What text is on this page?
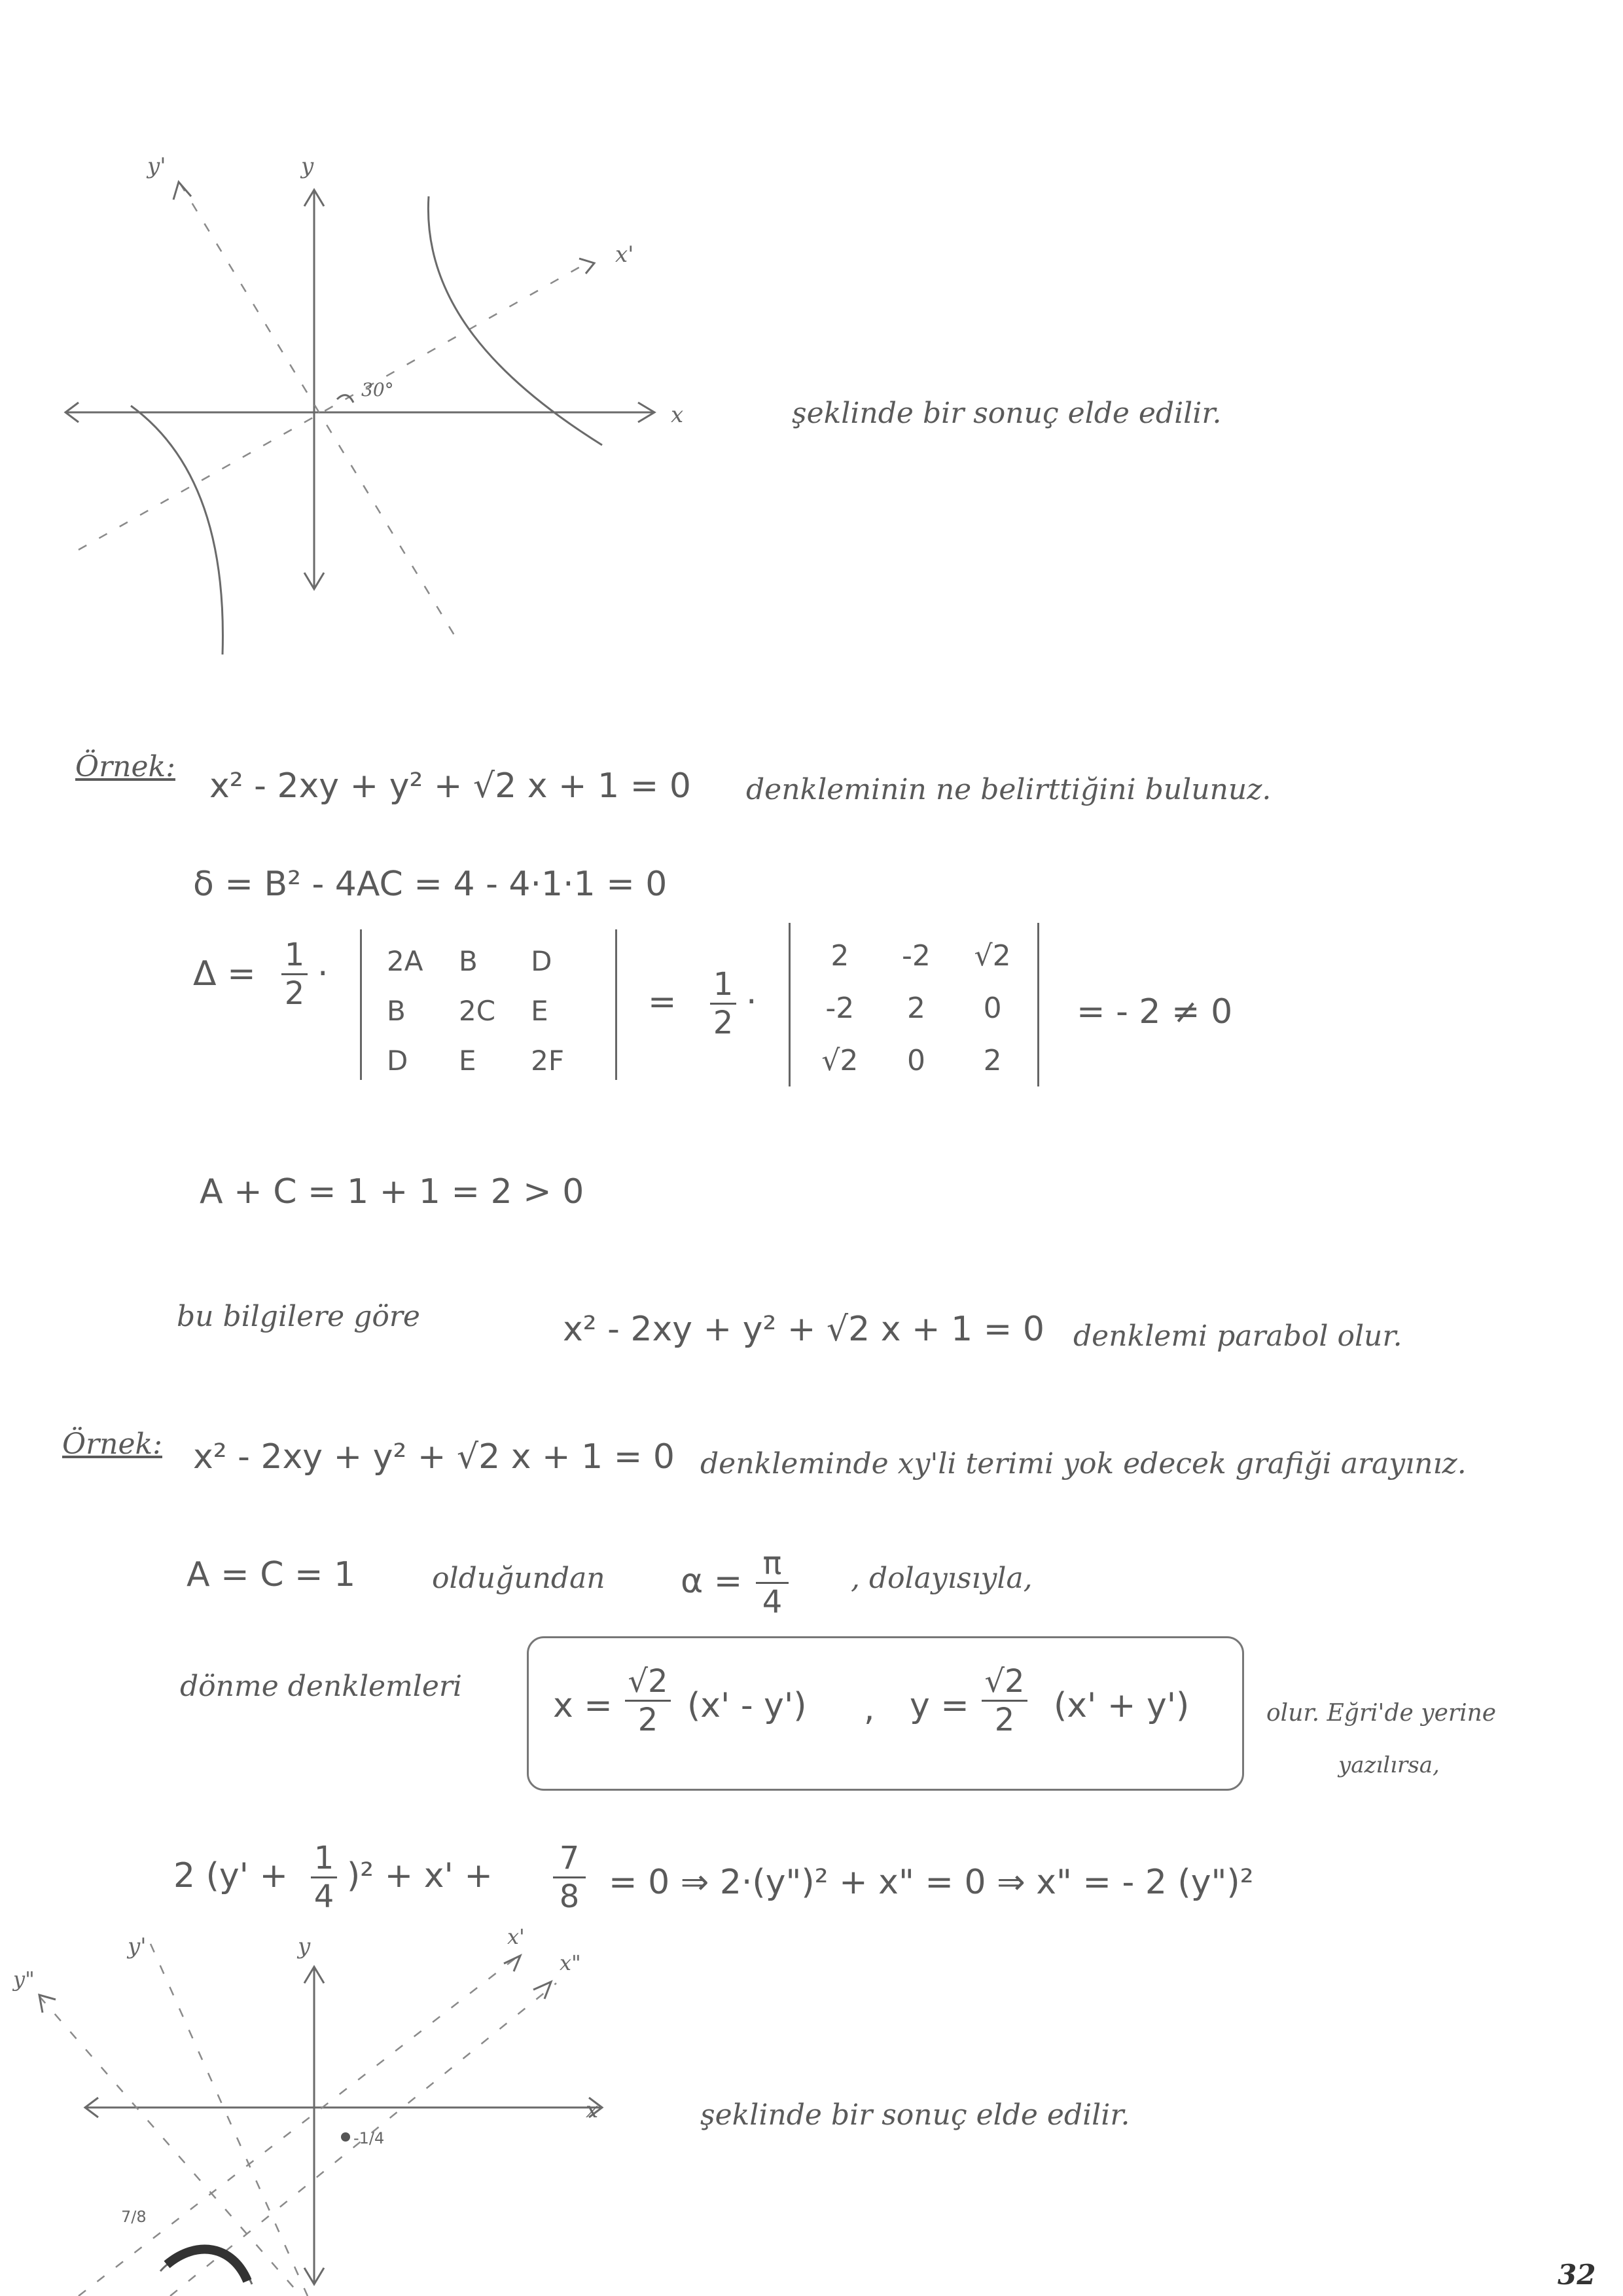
y'	y
x'
x
30°
şeklinde bir sonuç elde edilir.
Örnek: x² - 2xy + y² + √2 x + 1 = 0 denkleminin ne belirttiğini bulunuz.
δ = B² - 4AC = 4 - 4·1·1 = 0
Δ = 1
2 · 2A	B	D
B	2C	E
D	E	2F
= 1
2
·
2	-2	√2
-2	2	0
√2	0	2
= - 2 ≠ 0
A + C = 1 + 1 = 2 > 0
bu bilgilere göre	x² - 2xy + y² + √2 x + 1 = 0 denklemi parabol olur.
Örnek: x² - 2xy + y² + √2 x + 1 = 0 denkleminde xy'li terimi yok edecek grafiği arayınız.
A = C = 1	olduğundan α = π
4
, dolayısıyla,
dönme denklemleri	x =
√2
2 (x' - y') , y =
√2
2	(x' + y')	olur. Eğri'de yerine
yazılırsa,
2 (y' + 1
4
)² + x' + 7
8 = 0 ⇒ 2·(y")² + x" = 0 ⇒ x" = - 2 (y")²
y'	y	x'
x"
y"
x
-1/4
7/8
şeklinde bir sonuç elde edilir.
32
